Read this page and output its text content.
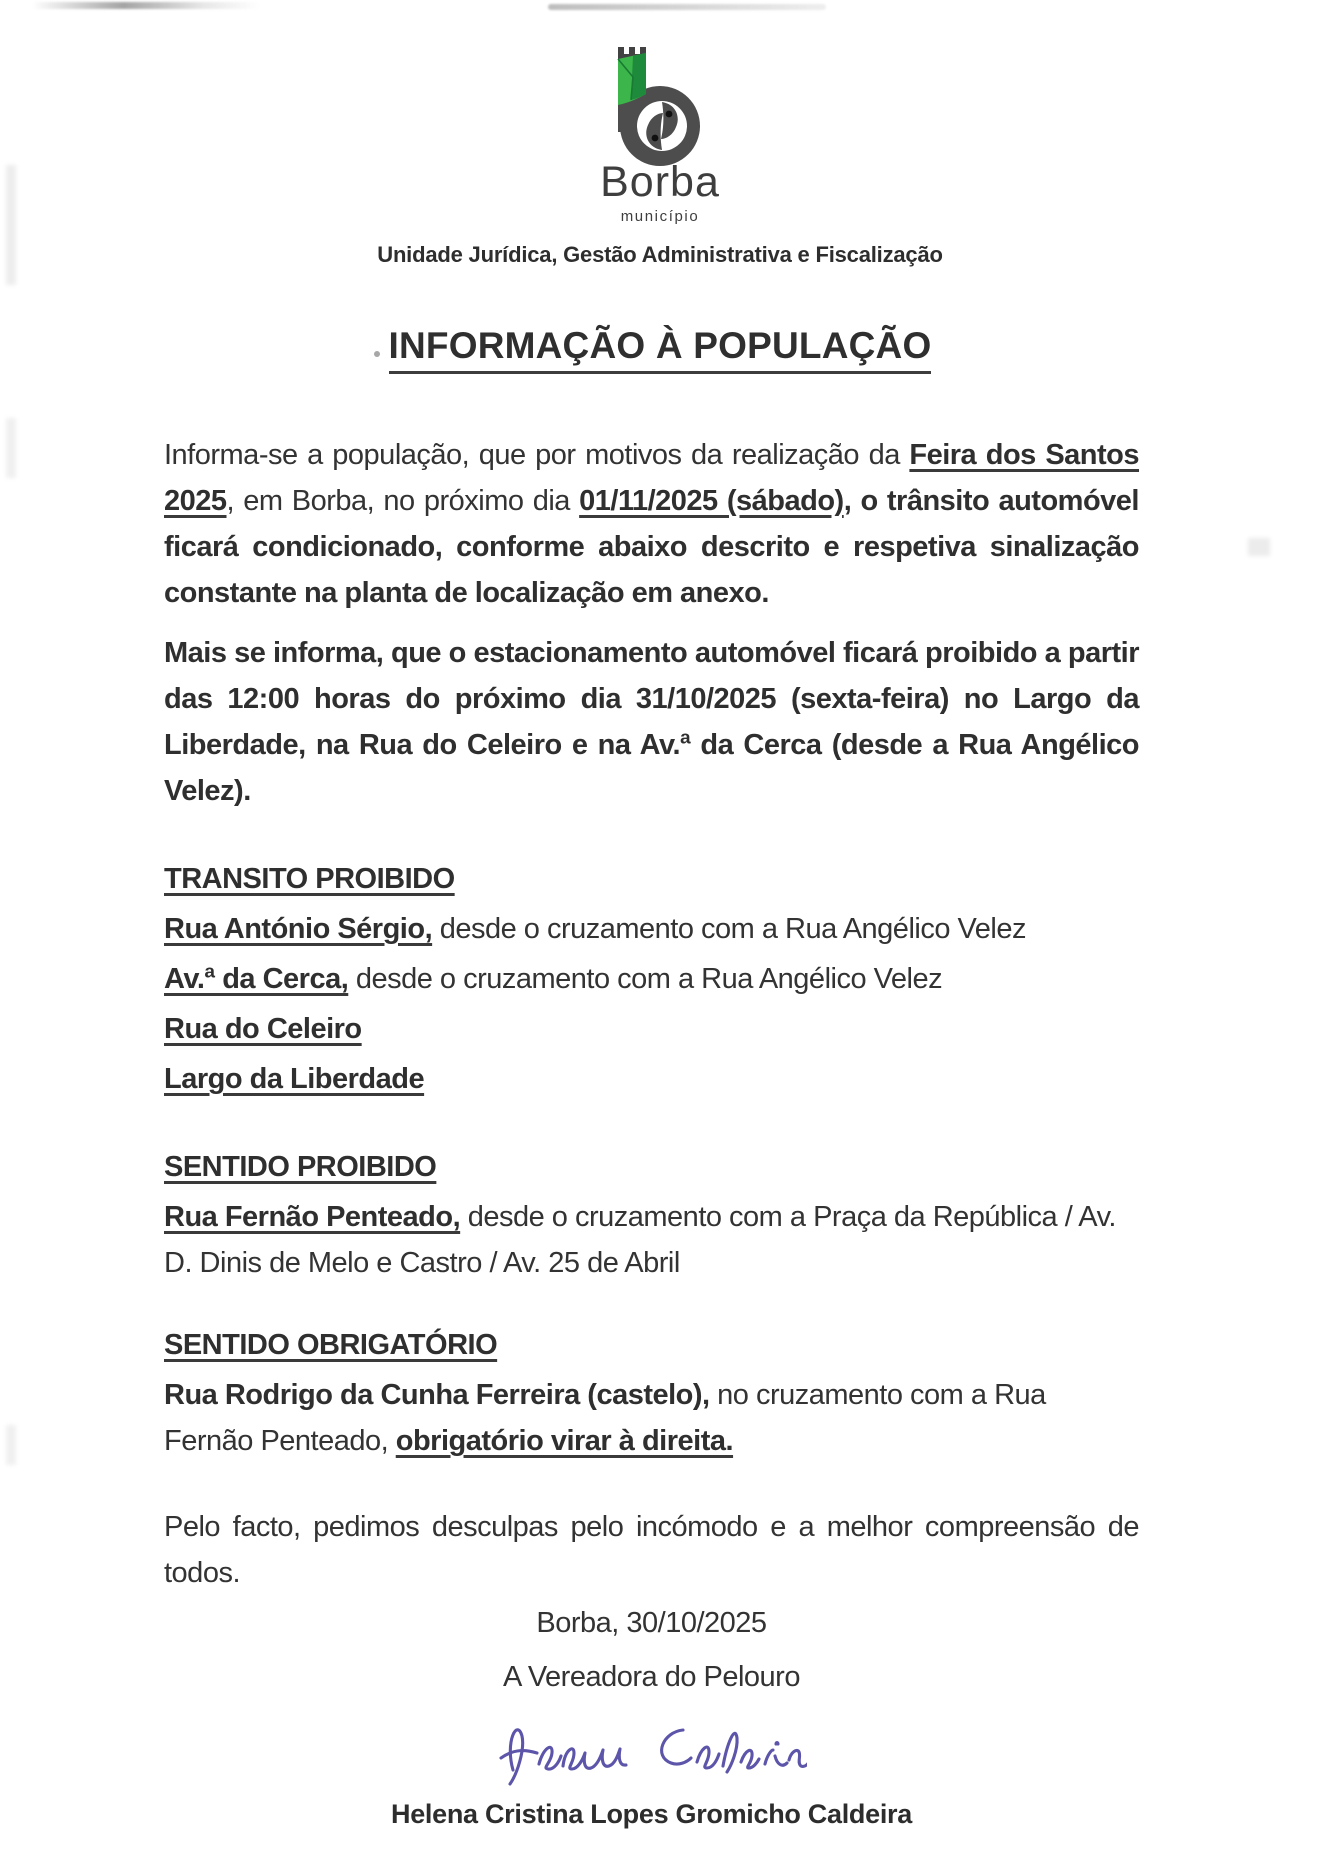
Borba
município
Unidade Jurídica, Gestão Administrativa e Fiscalização
INFORMAÇÃO À POPULAÇÃO

Informa-se a população, que por motivos da realização da Feira dos Santos 2025, em Borba, no próximo dia 01/11/2025 (sábado), o trânsito automóvel ficará condicionado, conforme abaixo descrito e respetiva sinalização constante na planta de localização em anexo.

Mais se informa, que o estacionamento automóvel ficará proibido a partir das 12:00 horas do próximo dia 31/10/2025 (sexta-feira) no Largo da Liberdade, na Rua do Celeiro e na Av.ª da Cerca (desde a Rua Angélico Velez).

TRANSITO PROIBIDO

Rua António Sérgio, desde o cruzamento com a Rua Angélico Velez

Av.ª da Cerca, desde o cruzamento com a Rua Angélico Velez

Rua do Celeiro

Largo da Liberdade

SENTIDO PROIBIDO

Rua Fernão Penteado, desde o cruzamento com a Praça da República / Av. D. Dinis de Melo e Castro / Av. 25 de Abril

SENTIDO OBRIGATÓRIO

Rua Rodrigo da Cunha Ferreira (castelo), no cruzamento com a Rua Fernão Penteado, obrigatório virar à direita.

Pelo facto, pedimos desculpas pelo incómodo e a melhor compreensão de todos.

Borba, 30/10/2025

A Vereadora do Pelouro

Helena Cristina Lopes Gromicho Caldeira
